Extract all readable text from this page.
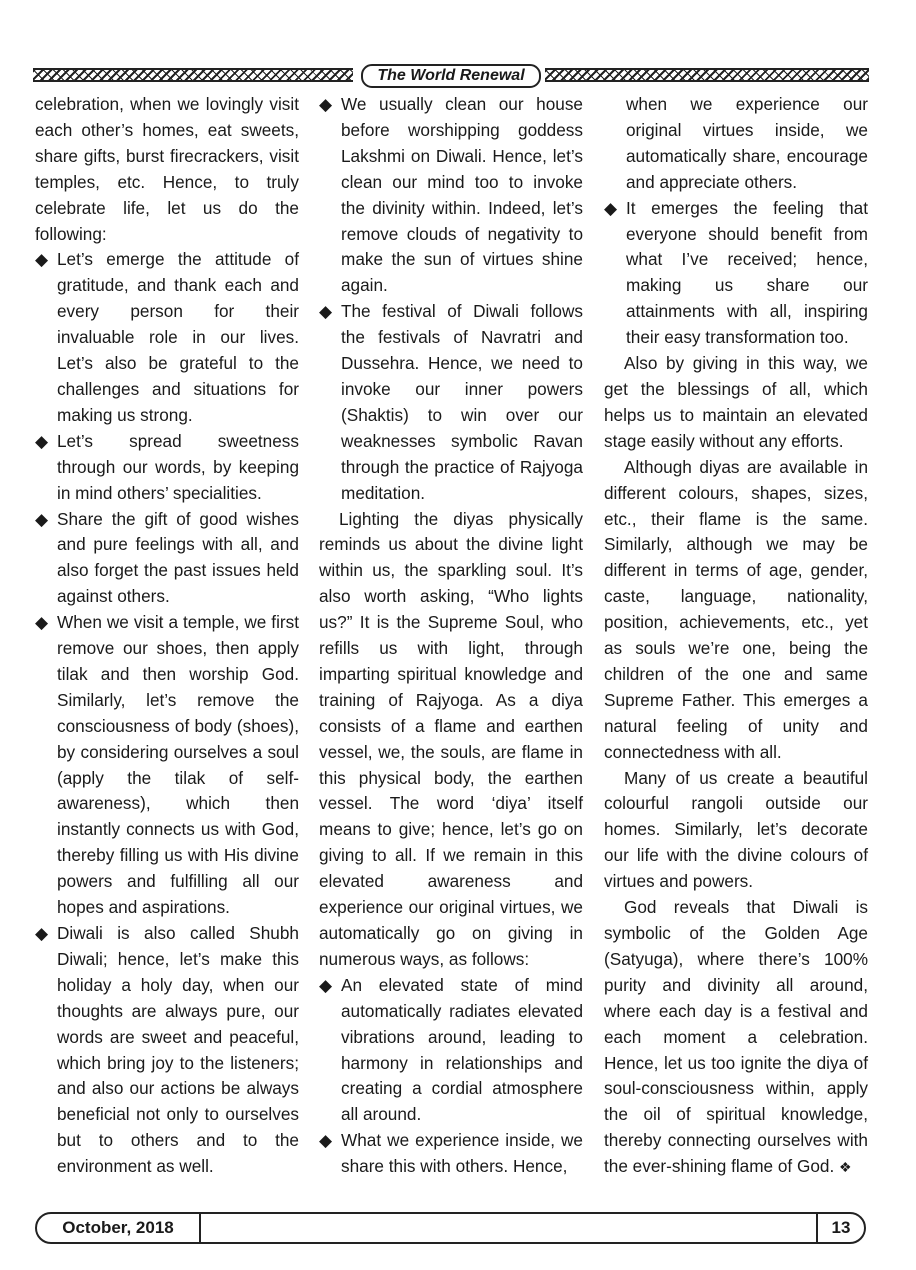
The World Renewal

celebration, when we lovingly visit each other’s homes, eat sweets, share gifts, burst firecrackers, visit temples, etc. Hence, to truly celebrate life, let us do the following:

◆ Let’s emerge the attitude of gratitude, and thank each and every person for their invaluable role in our lives. Let’s also be grateful to the challenges and situations for making us strong.

◆ Let’s spread sweetness through our words, by keeping in mind others’ specialities.

◆ Share the gift of good wishes and pure feelings with all, and also forget the past issues held against others.

◆ When we visit a temple, we first remove our shoes, then apply tilak and then worship God. Similarly, let’s remove the consciousness of body (shoes), by considering ourselves a soul (apply the tilak of self-awareness), which then instantly connects us with God, thereby filling us with His divine powers and fulfilling all our hopes and aspirations.

◆ Diwali is also called Shubh Diwali; hence, let’s make this holiday a holy day, when our thoughts are always pure, our words are sweet and peaceful, which bring joy to the listeners; and also our actions be always beneficial not only to ourselves but to others and to the environment as well.

◆ We usually clean our house before worshipping goddess Lakshmi on Diwali. Hence, let’s clean our mind too to invoke the divinity within. Indeed, let’s remove clouds of negativity to make the sun of virtues shine again.

◆ The festival of Diwali follows the festivals of Navratri and Dussehra. Hence, we need to invoke our inner powers (Shaktis) to win over our weaknesses symbolic Ravan through the practice of Rajyoga meditation.

Lighting the diyas physically reminds us about the divine light within us, the sparkling soul. It’s also worth asking, “Who lights us?” It is the Supreme Soul, who refills us with light, through imparting spiritual knowledge and training of Rajyoga. As a diya consists of a flame and earthen vessel, we, the souls, are flame in this physical body, the earthen vessel. The word ‘diya’ itself means to give; hence, let’s go on giving to all. If we remain in this elevated awareness and experience our original virtues, we automatically go on giving in numerous ways, as follows:

◆ An elevated state of mind automatically radiates elevated vibrations around, leading to harmony in relationships and creating a cordial atmosphere all around.

◆ What we experience inside, we share this with others. Hence,

when we experience our original virtues inside, we automatically share, encourage and appreciate others.

◆ It emerges the feeling that everyone should benefit from what I’ve received; hence, making us share our attainments with all, inspiring their easy transformation too.

Also by giving in this way, we get the blessings of all, which helps us to maintain an elevated stage easily without any efforts.

Although diyas are available in different colours, shapes, sizes, etc., their flame is the same. Similarly, although we may be different in terms of age, gender, caste, language, nationality, position, achievements, etc., yet as souls we’re one, being the children of the one and same Supreme Father. This emerges a natural feeling of unity and connectedness with all.

Many of us create a beautiful colourful rangoli outside our homes. Similarly, let’s decorate our life with the divine colours of virtues and powers.

God reveals that Diwali is symbolic of the Golden Age (Satyuga), where there’s 100% purity and divinity all around, where each day is a festival and each moment a celebration. Hence, let us too ignite the diya of soul-consciousness within, apply the oil of spiritual knowledge, thereby connecting ourselves with the ever-shining flame of God. ❖

October, 2018	13
